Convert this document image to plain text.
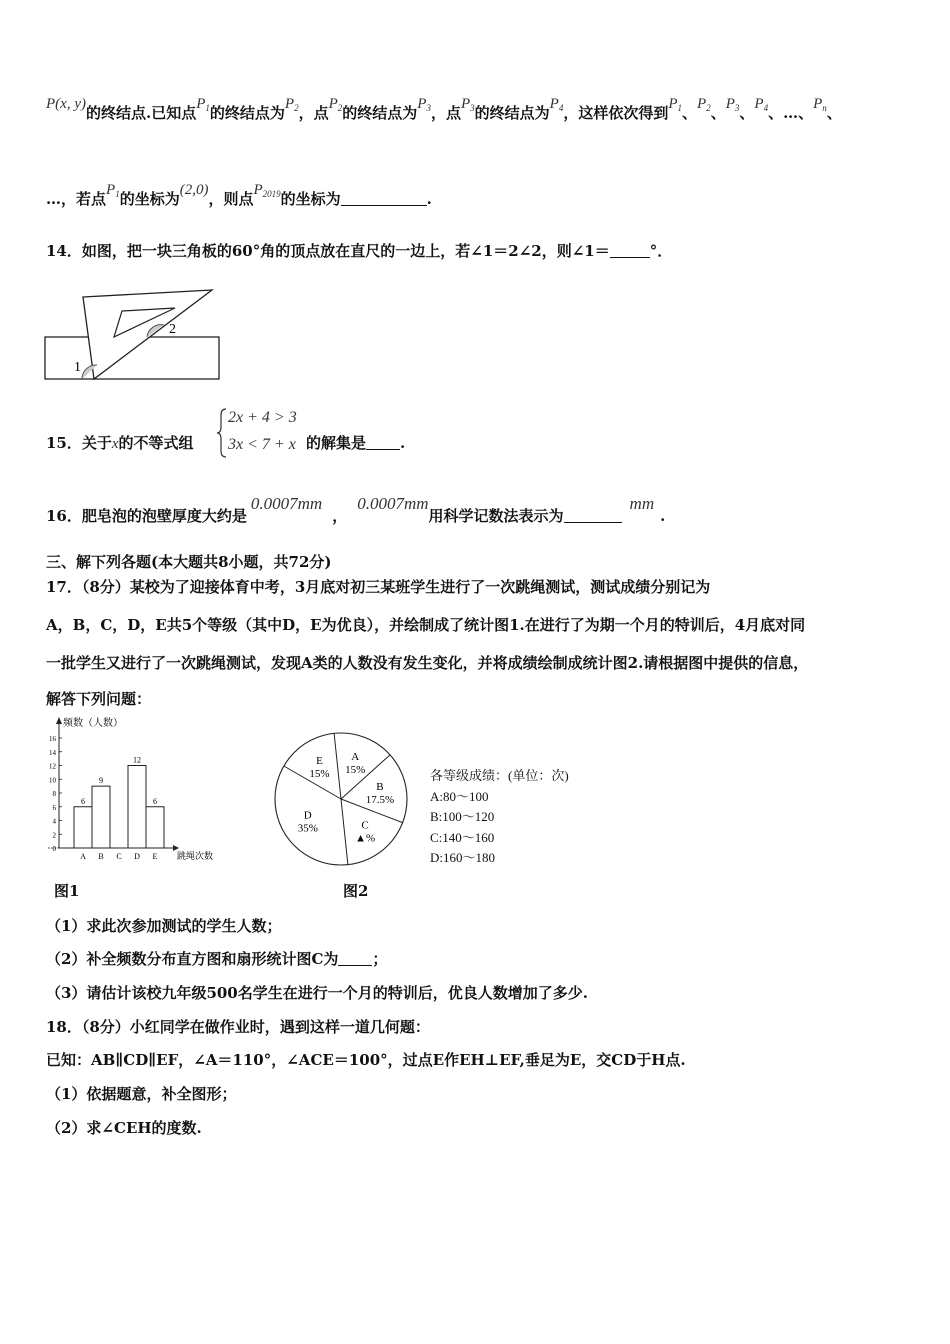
P(x, y)的终结点.已知点$P_1$的终结点为$P_2$，点$P_2$的终结点为$P_3$，点$P_3$的终结点为$P_4$，这样依次得到$P_1$、$P_2$、$P_3$、$P_4$、…、$P_n$、
…，若点$P_1$的坐标为(2,0)，则点$P_{2019}$的坐标为	.
14．如图，把一块三角板的60°角的顶点放在直尺的一边上，若∠1＝2∠2，则∠1＝	°．
1
2
15．关于x的不等式组
2x + 4 > 3
3x < 7 + x 的解集是 .
16．肥皂泡的泡壁厚度大约是0.0007mm，0.0007mm用科学记数法表示为mm.
三、解下列各题(本大题共8小题，共72分)
17．（8分）某校为了迎接体育中考，3月底对初三某班学生进行了一次跳绳测试，测试成绩分别记为
A，B，C，D，E共5个等级（其中D，E为优良），并绘制成了统计图1.在进行了为期一个月的特训后，4月底对同
一批学生又进行了一次跳绳测试，发现A类的人数没有发生变化，并将成绩绘制成统计图2.请根据图中提供的信息，
解答下列问题：
频数（人数）
0
2
4
6
8
10
12
14
16
6
A
9
B C
12
D
6
E 跳绳次数
A
15%
B
17.5%
C
▲%
D
35%
E
15%	各等级成绩：(单位：次)
A:80～100
B:100～120
C:140～160
D:160～180
图1	图2
（1）求此次参加测试的学生人数；
（2）补全频数分布直方图和扇形统计图C为 ；
（3）请估计该校九年级500名学生在进行一个月的特训后，优良人数增加了多少.
18．（8分）小红同学在做作业时，遇到这样一道几何题：
已知：AB∥CD∥EF，∠A＝110°，∠ACE＝100°，过点E作EH⊥EF,垂足为E，交CD于H点.
（1）依据题意，补全图形；
（2）求∠CEH的度数.
